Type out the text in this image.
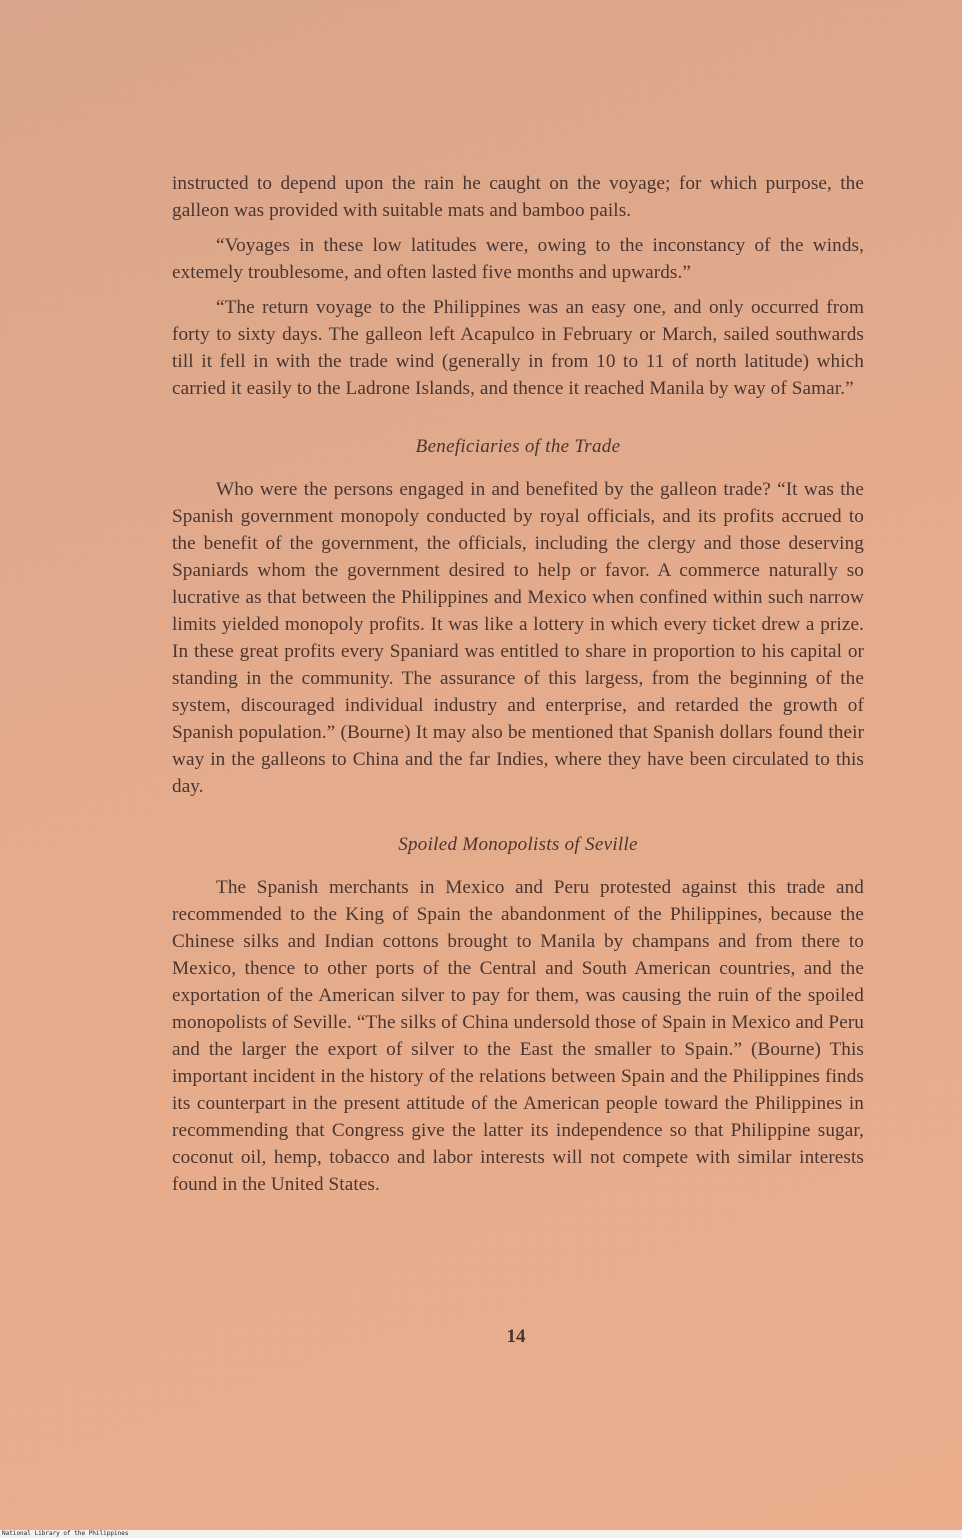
instructed to depend upon the rain he caught on the voyage; for which purpose, the galleon was provided with suitable mats and bamboo pails.

“Voyages in these low latitudes were, owing to the inconstancy of the winds, extemely troublesome, and often lasted five months and upwards.”

“The return voyage to the Philippines was an easy one, and only occurred from forty to sixty days. The galleon left Acapulco in February or March, sailed southwards till it fell in with the trade wind (generally in from 10 to 11 of north latitude) which carried it easily to the Ladrone Islands, and thence it reached Manila by way of Samar.”

Beneficiaries of the Trade

Who were the persons engaged in and benefited by the galleon trade? “It was the Spanish government monopoly conducted by royal officials, and its profits accrued to the benefit of the government, the officials, including the clergy and those deserving Spaniards whom the government desired to help or favor. A commerce naturally so lucrative as that between the Philippines and Mexico when confined within such narrow limits yielded monopoly profits. It was like a lottery in which every ticket drew a prize. In these great profits every Spaniard was entitled to share in proportion to his capital or standing in the community. The assurance of this largess, from the beginning of the system, discouraged individual industry and enterprise, and retarded the growth of Spanish population.” (Bourne) It may also be mentioned that Spanish dollars found their way in the galleons to China and the far Indies, where they have been circulated to this day.

Spoiled Monopolists of Seville

The Spanish merchants in Mexico and Peru protested against this trade and recommended to the King of Spain the abandonment of the Philippines, because the Chinese silks and Indian cottons brought to Manila by champans and from there to Mexico, thence to other ports of the Central and South American countries, and the exportation of the American silver to pay for them, was causing the ruin of the spoiled monopolists of Seville. “The silks of China undersold those of Spain in Mexico and Peru and the larger the export of silver to the East the smaller to Spain.” (Bourne) This important incident in the history of the relations between Spain and the Philippines finds its counterpart in the present attitude of the American people toward the Philippines in recommending that Congress give the latter its independence so that Philippine sugar, coconut oil, hemp, tobacco and labor interests will not compete with similar interests found in the United States.

14
National Library of the Philippines
